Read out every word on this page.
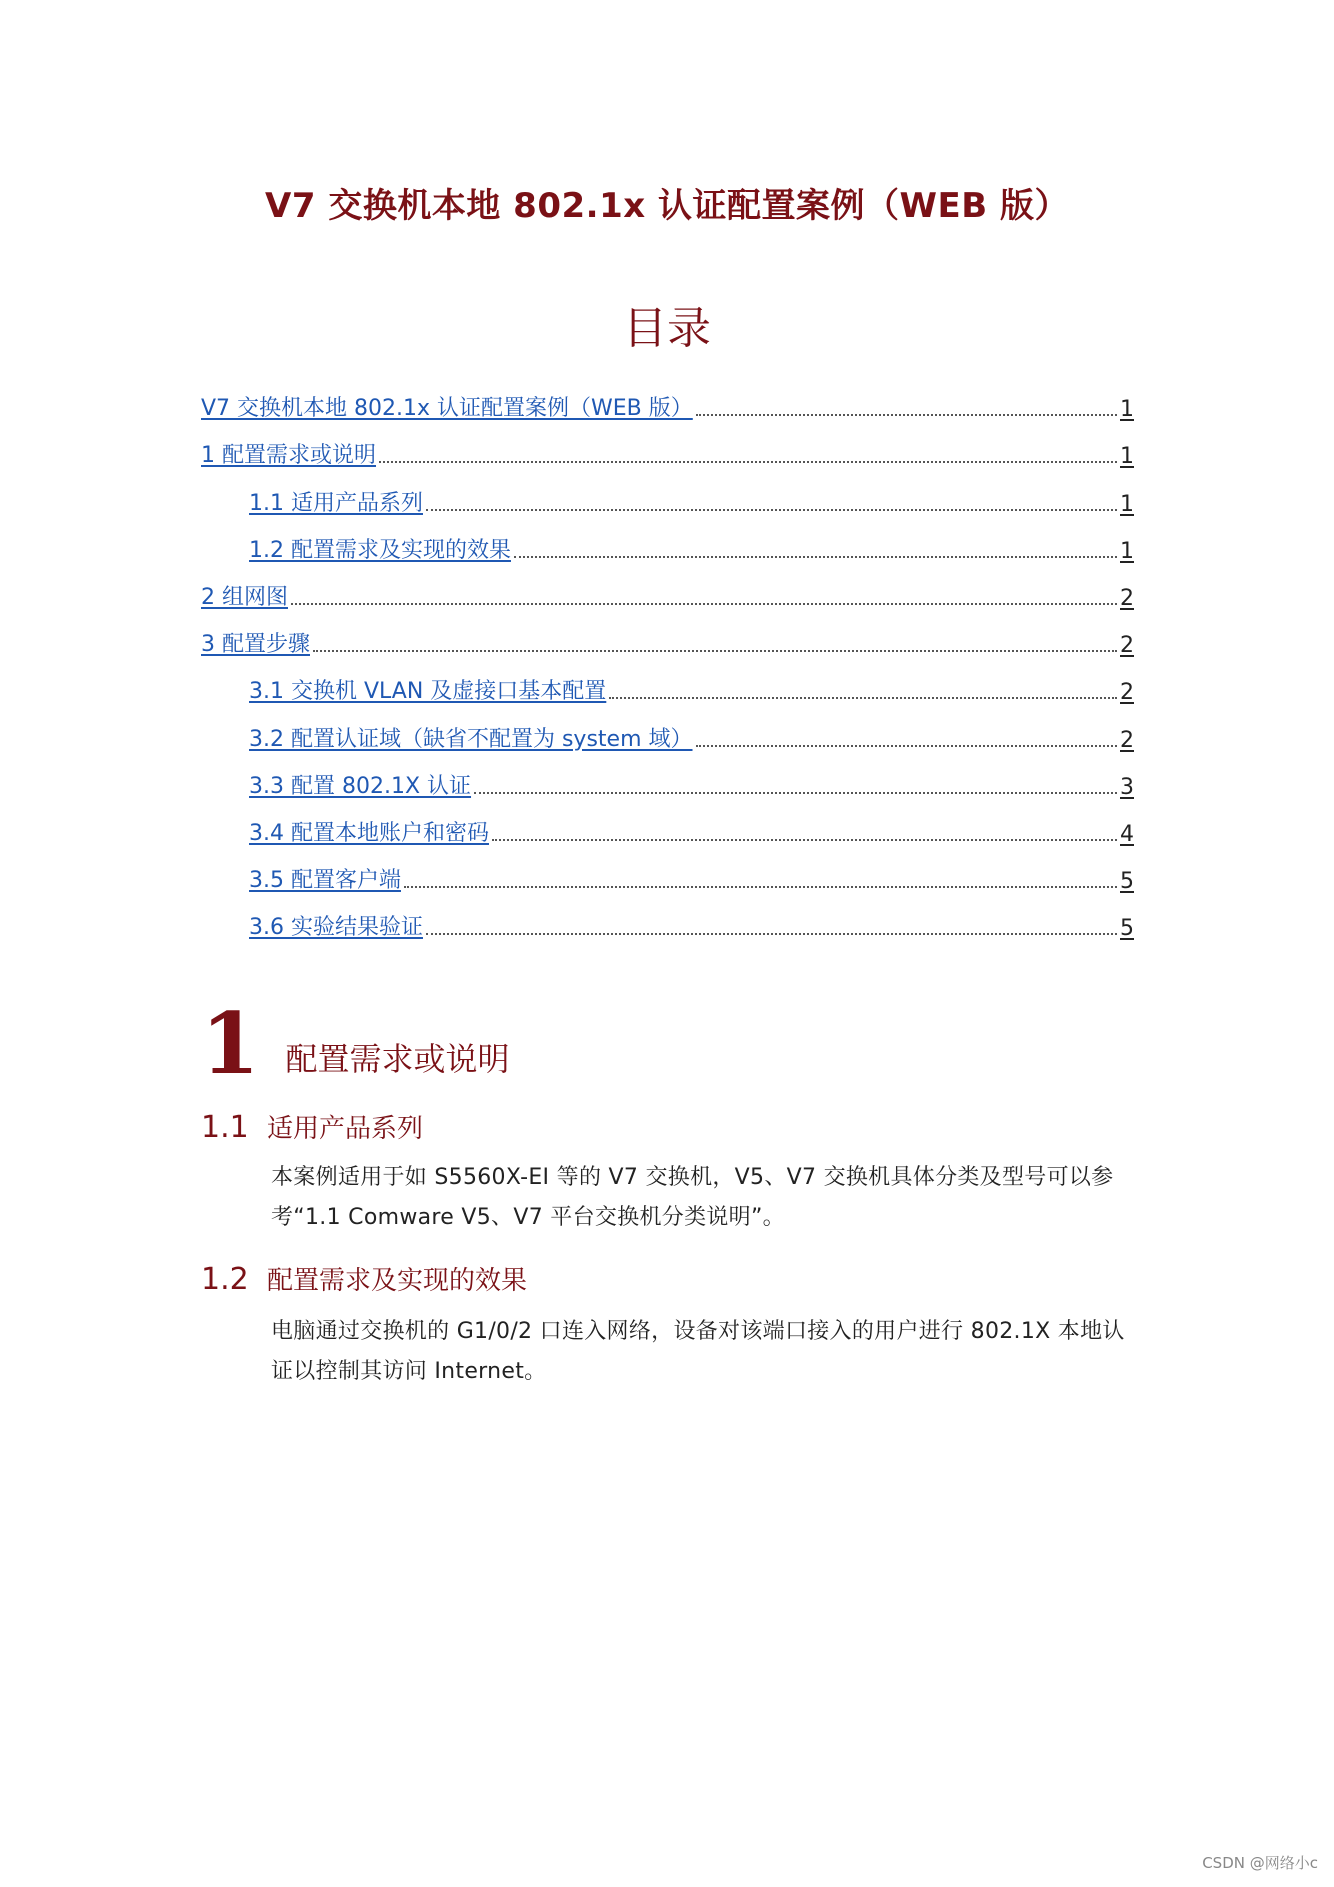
V7 交换机本地 802.1x 认证配置案例（WEB 版）
目录
V7 交换机本地 802.1x 认证配置案例（WEB 版）	1
1 配置需求或说明	1
1.1 适用产品系列	1
1.2 配置需求及实现的效果	1
2 组网图	2
3 配置步骤	2
3.1 交换机 VLAN 及虚接口基本配置	2
3.2 配置认证域（缺省不配置为 system 域）	2
3.3 配置 802.1X 认证	3
3.4 配置本地账户和密码	4
3.5 配置客户端	5
3.6 实验结果验证	5
1 配置需求或说明
1.1 适用产品系列
本案例适用于如 S5560X-EI 等的 V7 交换机，V5、V7 交换机具体分类及型号可以参考“1.1 Comware V5、V7 平台交换机分类说明”。
1.2 配置需求及实现的效果
电脑通过交换机的 G1/0/2 口连入网络，设备对该端口接入的用户进行 802.1X 本地认证以控制其访问 Internet。
CSDN @网络小c
